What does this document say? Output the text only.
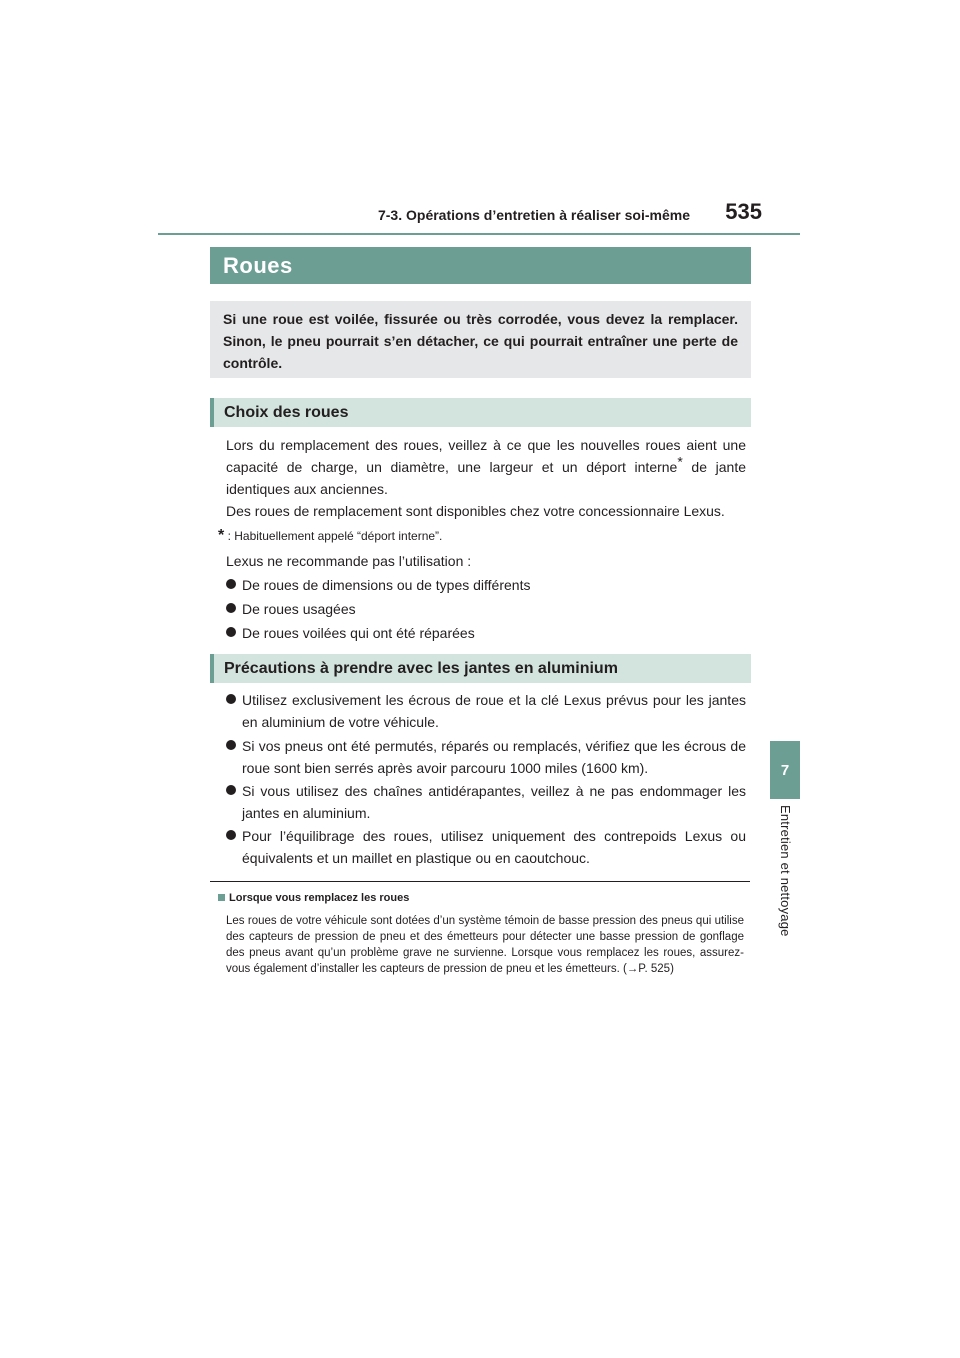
7-3. Opérations d’entretien à réaliser soi-même	535
7
Entretien et nettoyage
Roues
Si une roue est voilée, fissurée ou très corrodée, vous devez la remplacer. Sinon, le pneu pourrait s’en détacher, ce qui pourrait entraîner une perte de contrôle.
Choix des roues
Lors du remplacement des roues, veillez à ce que les nouvelles roues aient une capacité de charge, un diamètre, une largeur et un déport interne* de jante identiques aux anciennes.
Des roues de remplacement sont disponibles chez votre concessionnaire Lexus.
* : Habituellement appelé “déport interne”.
Lexus ne recommande pas l’utilisation :
De roues de dimensions ou de types différents
De roues usagées
De roues voilées qui ont été réparées
Précautions à prendre avec les jantes en aluminium
Utilisez exclusivement les écrous de roue et la clé Lexus prévus pour les jantes en aluminium de votre véhicule.
Si vos pneus ont été permutés, réparés ou remplacés, vérifiez que les écrous de roue sont bien serrés après avoir parcouru 1000 miles (1600 km).
Si vous utilisez des chaînes antidérapantes, veillez à ne pas endommager les jantes en aluminium.
Pour l’équilibrage des roues, utilisez uniquement des contrepoids Lexus ou équivalents et un maillet en plastique ou en caoutchouc.
Lorsque vous remplacez les roues
Les roues de votre véhicule sont dotées d’un système témoin de basse pression des pneus qui utilise des capteurs de pression de pneu et des émetteurs pour détecter une basse pression de gonflage des pneus avant qu’un problème grave ne survienne. Lorsque vous remplacez les roues, assurez-vous également d’installer les capteurs de pression de pneu et les émetteurs. (→P. 525)
